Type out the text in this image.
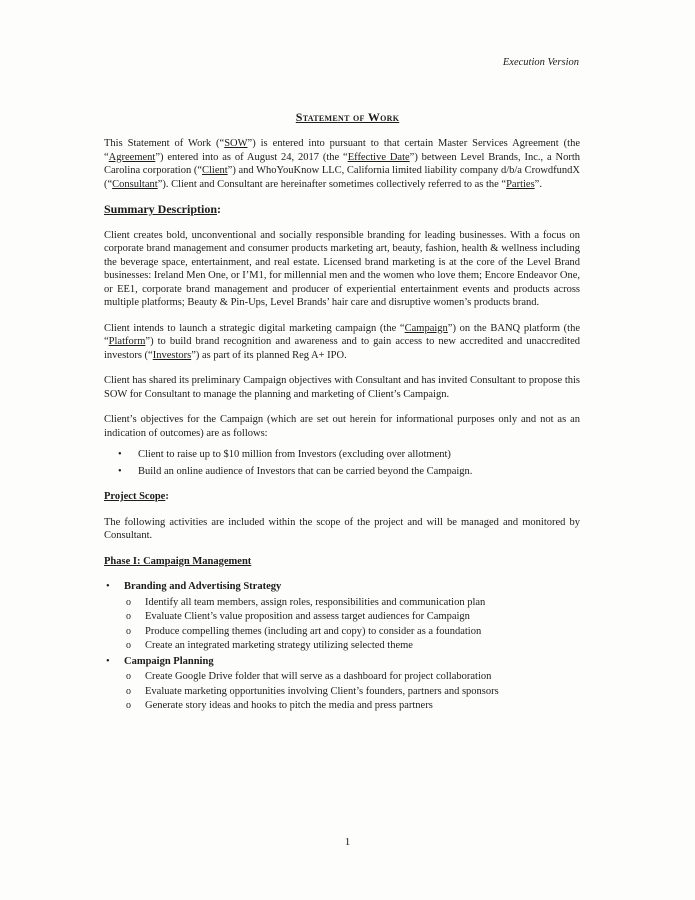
Execution Version
Statement of Work

This Statement of Work (“SOW”) is entered into pursuant to that certain Master Services Agreement (the “Agreement”) entered into as of August 24, 2017 (the “Effective Date”) between Level Brands, Inc., a North Carolina corporation (“Client”) and WhoYouKnow LLC, California limited liability company d/b/a CrowdfundX (“Consultant”). Client and Consultant are hereinafter sometimes collectively referred to as the “Parties”.

Summary Description:

Client creates bold, unconventional and socially responsible branding for leading businesses. With a focus on corporate brand management and consumer products marketing art, beauty, fashion, health & wellness including the beverage space, entertainment, and real estate. Licensed brand marketing is at the core of the Level Brand businesses: Ireland Men One, or I’M1, for millennial men and the women who love them; Encore Endeavor One, or EE1, corporate brand management and producer of experiential entertainment events and products across multiple platforms; Beauty & Pin-Ups, Level Brands’ hair care and disruptive women’s products brand.

Client intends to launch a strategic digital marketing campaign (the “Campaign”) on the BANQ platform (the “Platform”) to build brand recognition and awareness and to gain access to new accredited and unaccredited investors (“Investors”) as part of its planned Reg A+ IPO.

Client has shared its preliminary Campaign objectives with Consultant and has invited Consultant to propose this SOW for Consultant to manage the planning and marketing of Client’s Campaign.

Client’s objectives for the Campaign (which are set out herein for informational purposes only and not as an indication of outcomes) are as follows:

• Client to raise up to $10 million from Investors (excluding over allotment)
• Build an online audience of Investors that can be carried beyond the Campaign.
Project Scope:

The following activities are included within the scope of the project and will be managed and monitored by Consultant.

Phase I: Campaign Management
• Branding and Advertising Strategy
o Identify all team members, assign roles, responsibilities and communication plan
o Evaluate Client’s value proposition and assess target audiences for Campaign
o Produce compelling themes (including art and copy) to consider as a foundation
o Create an integrated marketing strategy utilizing selected theme
• Campaign Planning
o Create Google Drive folder that will serve as a dashboard for project collaboration
o Evaluate marketing opportunities involving Client’s founders, partners and sponsors
o Generate story ideas and hooks to pitch the media and press partners
1
